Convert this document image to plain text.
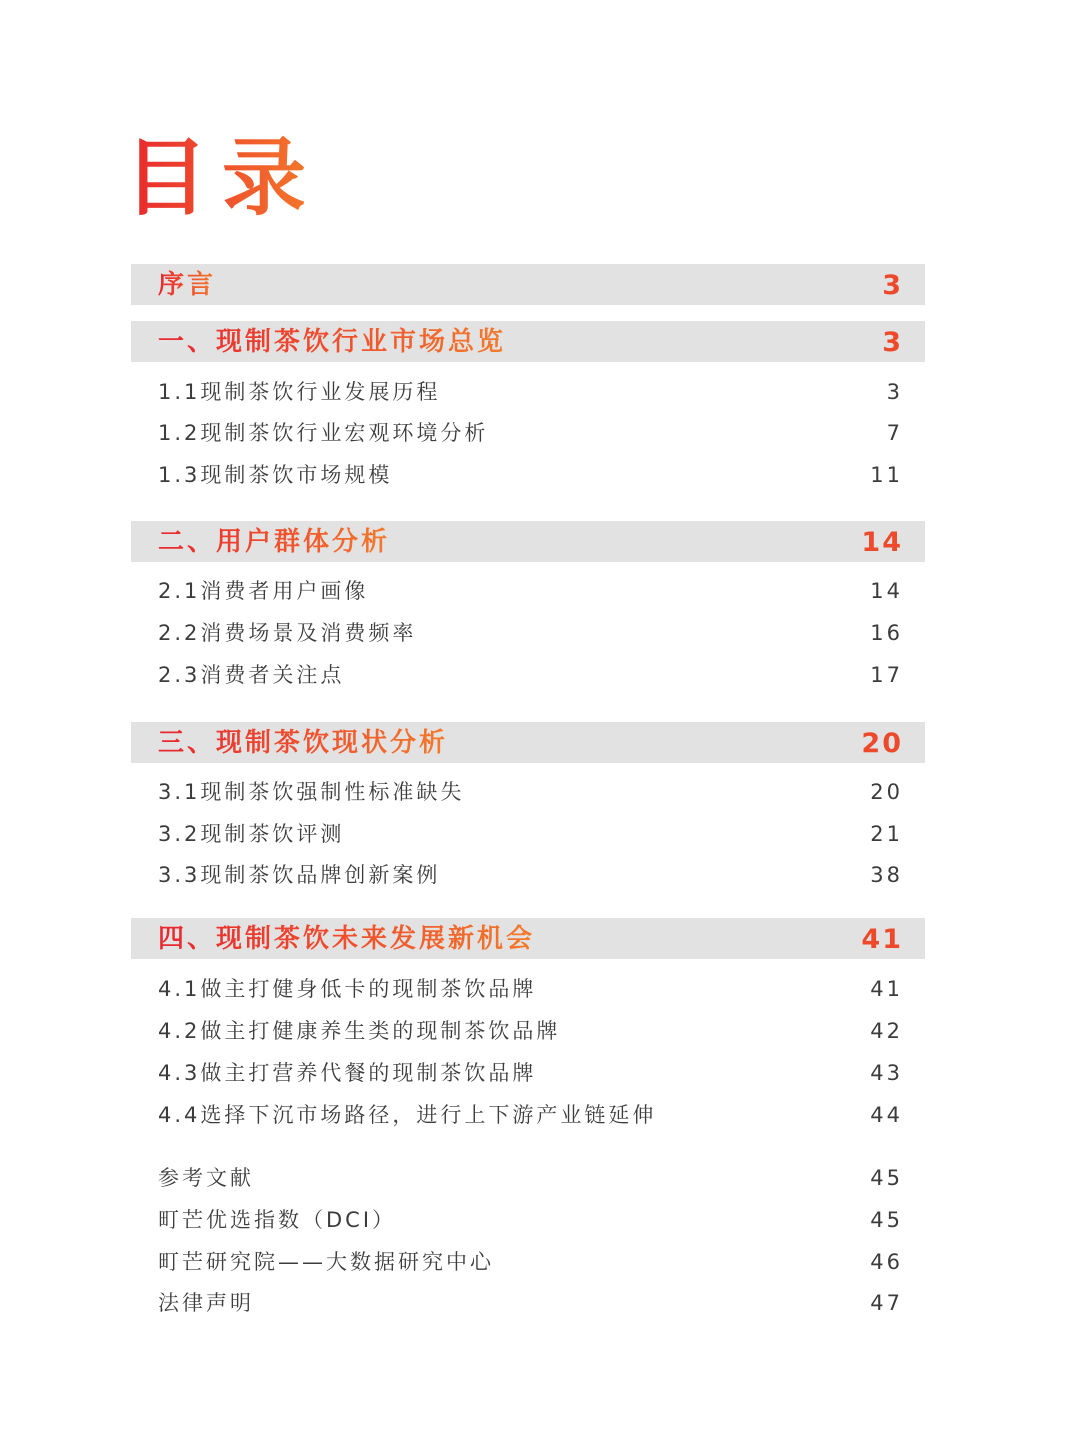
目录
序言	3
一、现制茶饮行业市场总览	3
1.1现制茶饮行业发展历程	3
1.2现制茶饮行业宏观环境分析	7
1.3现制茶饮市场规模	11
二、用户群体分析	14
2.1消费者用户画像	14
2.2消费场景及消费频率	16
2.3消费者关注点	17
三、现制茶饮现状分析	20
3.1现制茶饮强制性标准缺失	20
3.2现制茶饮评测	21
3.3现制茶饮品牌创新案例	38
四、现制茶饮未来发展新机会	41
4.1做主打健身低卡的现制茶饮品牌	41
4.2做主打健康养生类的现制茶饮品牌	42
4.3做主打营养代餐的现制茶饮品牌	43
4.4选择下沉市场路径，进行上下游产业链延伸	44
参考文献	45
町芒优选指数（DCI）	45
町芒研究院——大数据研究中心	46
法律声明	47
